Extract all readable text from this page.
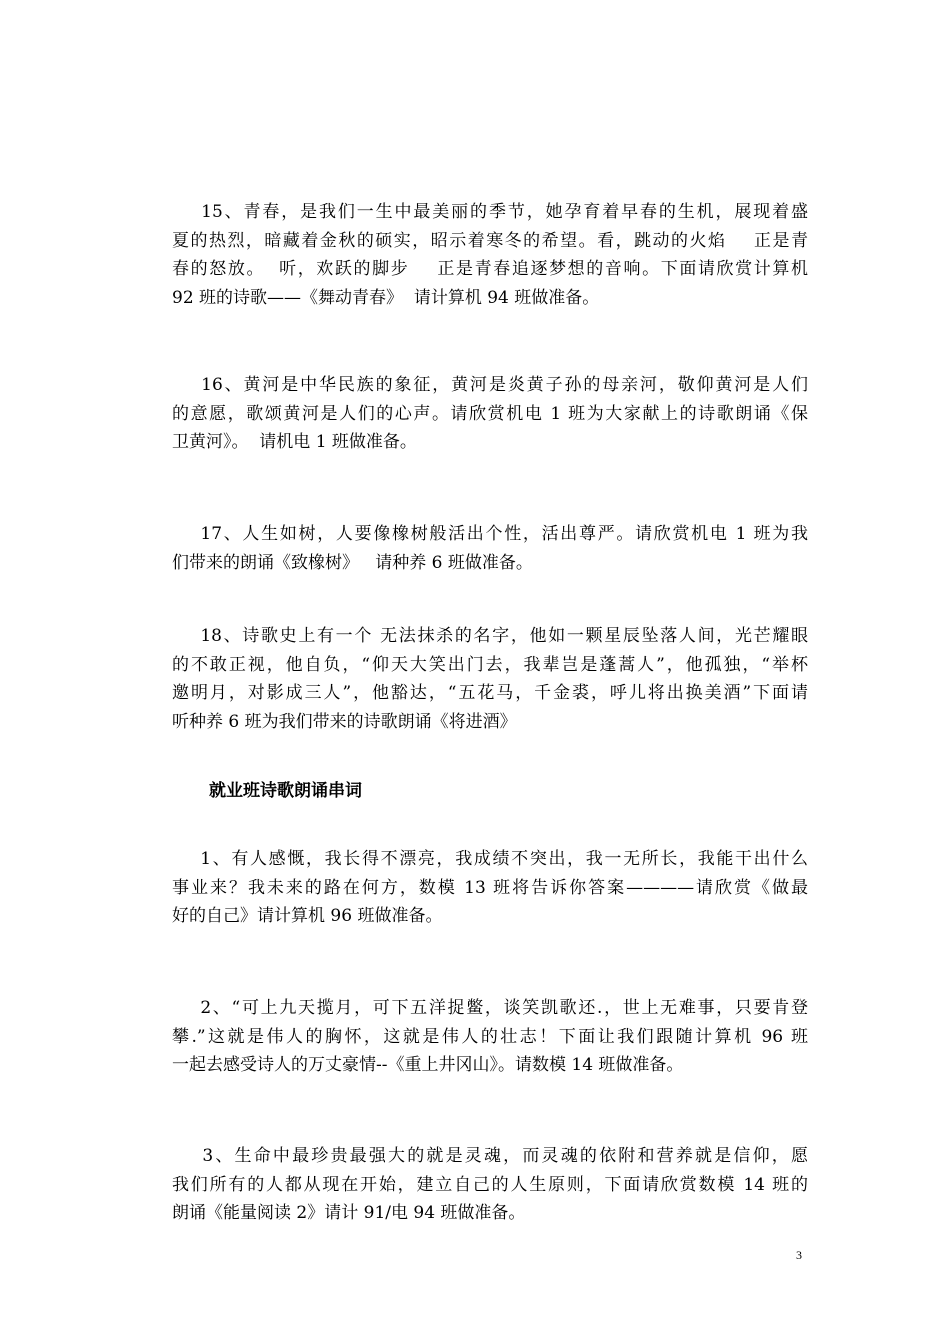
15、青春，是我们一生中最美丽的季节，她孕育着早春的生机，展现着盛
夏的热烈，暗藏着金秋的硕实，昭示着寒冬的希望。看，跳动的火焰    正是青
春的怒放。  听，欢跃的脚步    正是青春追逐梦想的音响。下面请欣赏计算机
92 班的诗歌——《舞动青春》  请计算机 94 班做准备。
16、黄河是中华民族的象征，黄河是炎黄子孙的母亲河，敬仰黄河是人们
的意愿，歌颂黄河是人们的心声。请欣赏机电 1 班为大家献上的诗歌朗诵《保
卫黄河》。  请机电 1 班做准备。
17、人生如树，人要像橡树般活出个性，活出尊严。请欣赏机电 1 班为我
们带来的朗诵《致橡树》   请种养 6 班做准备。
18、诗歌史上有一个 无法抹杀的名字，他如一颗星辰坠落人间，光芒耀眼
的不敢正视，他自负，“仰天大笑出门去，我辈岂是蓬蒿人”，他孤独，“举杯
邀明月，对影成三人”，他豁达，“五花马，千金裘，呼儿将出换美酒”下面请
听种养 6 班为我们带来的诗歌朗诵《将进酒》
就业班诗歌朗诵串词
1、有人感慨，我长得不漂亮，我成绩不突出，我一无所长，我能干出什么
事业来？我未来的路在何方，数模 13 班将告诉你答案————请欣赏《做最
好的自己》请计算机 96 班做准备。
2、“可上九天揽月，可下五洋捉鳖，谈笑凯歌还.，世上无难事，只要肯登
攀.”这就是伟人的胸怀，这就是伟人的壮志！下面让我们跟随计算机 96 班
一起去感受诗人的万丈豪情--《重上井冈山》。请数模 14 班做准备。
3、生命中最珍贵最强大的就是灵魂，而灵魂的依附和营养就是信仰，愿
我们所有的人都从现在开始，建立自己的人生原则，下面请欣赏数模 14 班的
朗诵《能量阅读 2》请计 91/电 94 班做准备。
3
